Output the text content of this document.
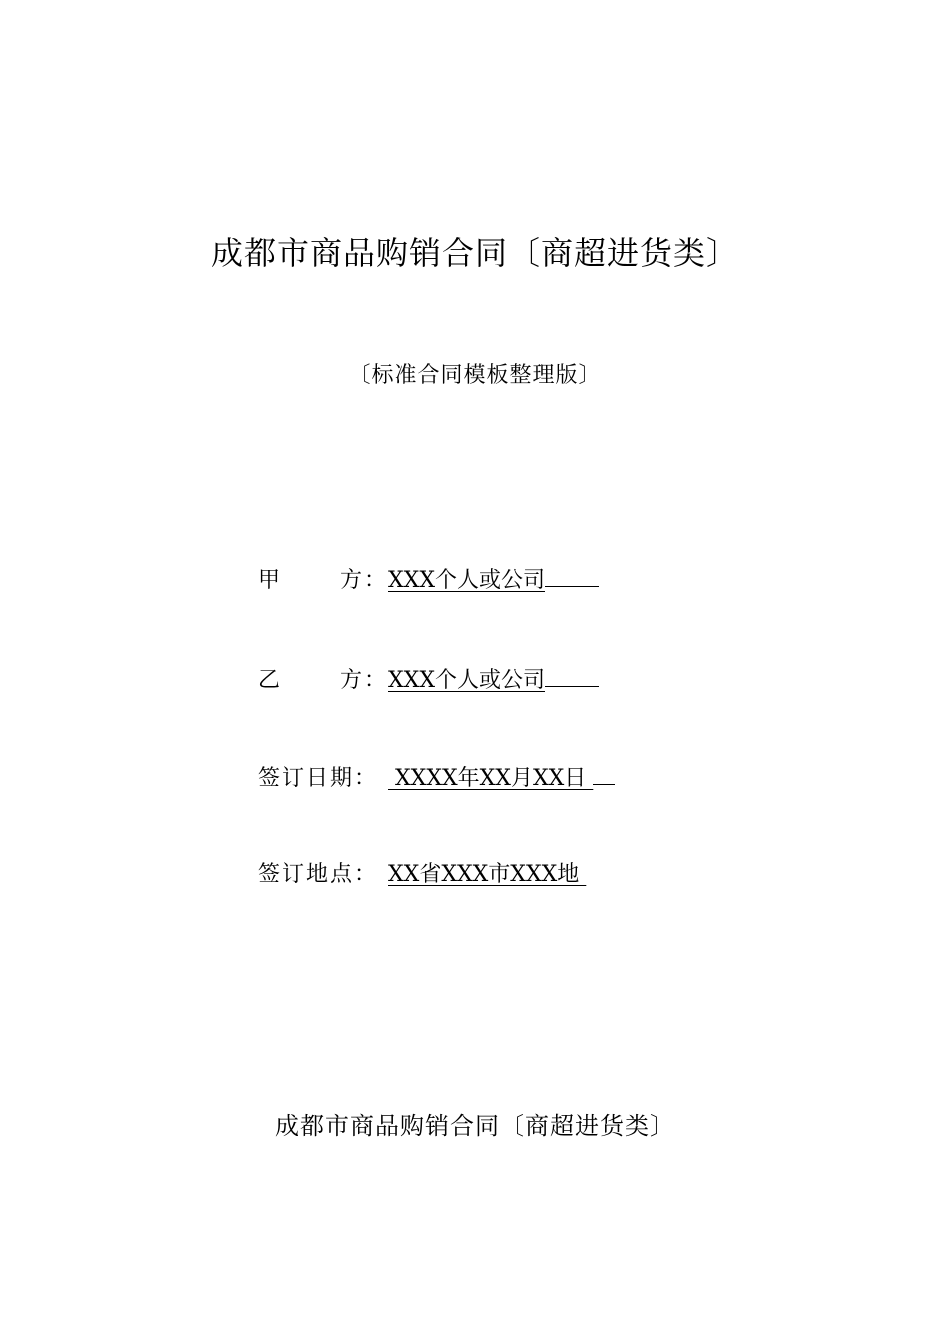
成都市商品购销合同〔商超进货类〕
〔标准合同模板整理版〕
甲	方： XXX个人或公司
乙	方： XXX个人或公司
签订日期： XXXX年XX月XX日
签订地点： XX省XXX市XXX地
成都市商品购销合同〔商超进货类〕
